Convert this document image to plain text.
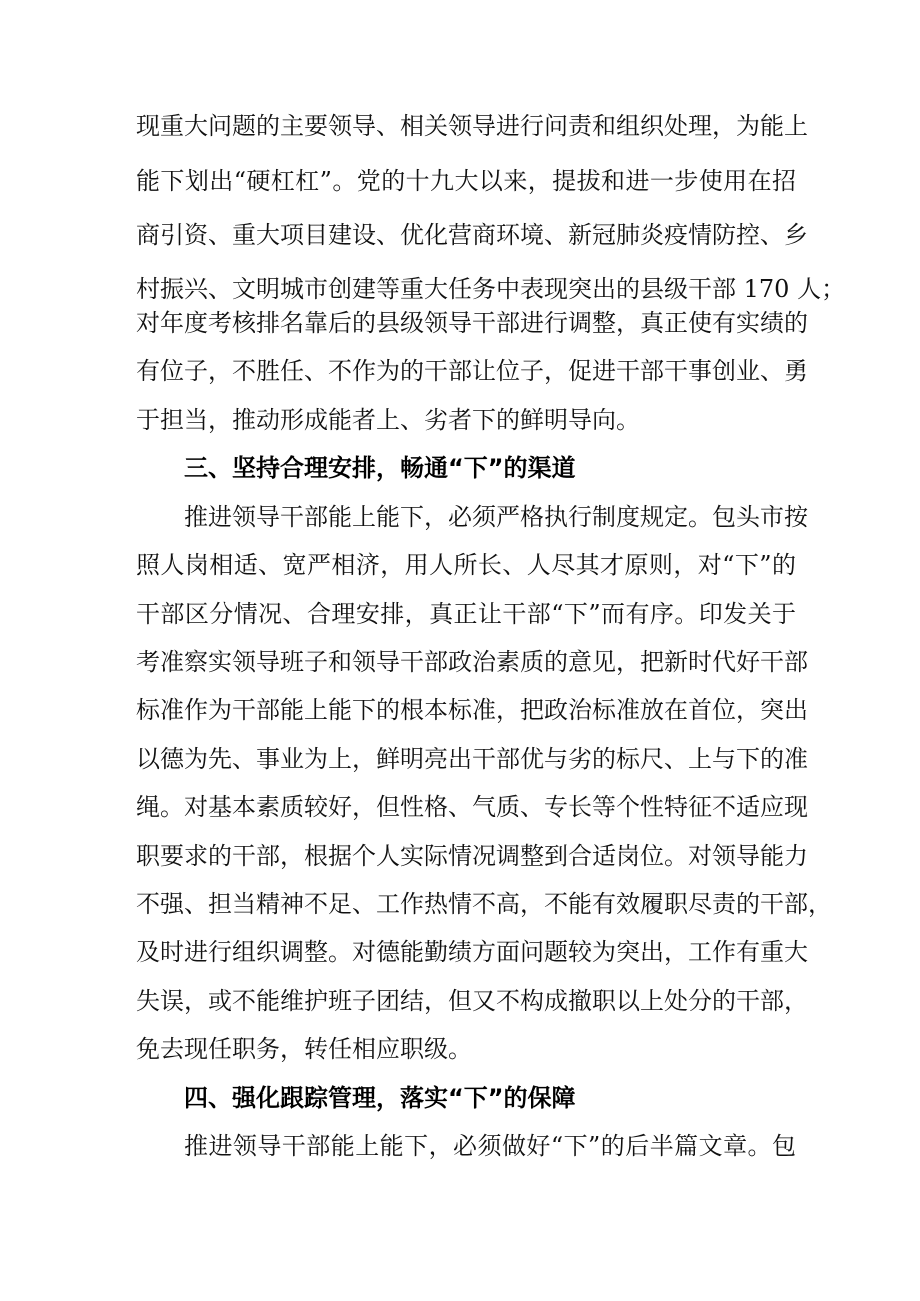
现重大问题的主要领导、相关领导进行问责和组织处理，为能上
能下划出“硬杠杠”。党的十九大以来，提拔和进一步使用在招
商引资、重大项目建设、优化营商环境、新冠肺炎疫情防控、乡
村振兴、文明城市创建等重大任务中表现突出的县级干部 170 人；
对年度考核排名靠后的县级领导干部进行调整，真正使有实绩的
有位子，不胜任、不作为的干部让位子，促进干部干事创业、勇
于担当，推动形成能者上、劣者下的鲜明导向。
三、坚持合理安排，畅通“下”的渠道
推进领导干部能上能下，必须严格执行制度规定。包头市按
照人岗相适、宽严相济，用人所长、人尽其才原则，对“下”的
干部区分情况、合理安排，真正让干部“下”而有序。印发关于
考准察实领导班子和领导干部政治素质的意见，把新时代好干部
标准作为干部能上能下的根本标准，把政治标准放在首位，突出
以德为先、事业为上，鲜明亮出干部优与劣的标尺、上与下的准
绳。对基本素质较好，但性格、气质、专长等个性特征不适应现
职要求的干部，根据个人实际情况调整到合适岗位。对领导能力
不强、担当精神不足、工作热情不高，不能有效履职尽责的干部，
及时进行组织调整。对德能勤绩方面问题较为突出，工作有重大
失误，或不能维护班子团结，但又不构成撤职以上处分的干部，
免去现任职务，转任相应职级。
四、强化跟踪管理，落实“下”的保障
推进领导干部能上能下，必须做好“下”的后半篇文章。包
